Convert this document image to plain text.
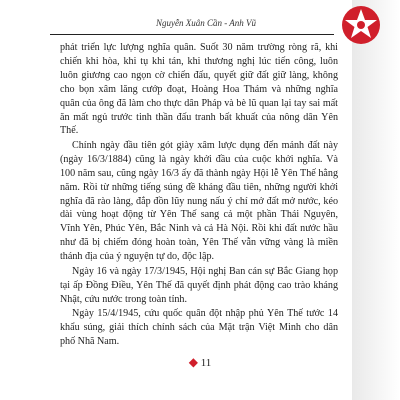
Nguyễn Xuân Cần - Anh Vũ

phát triển lực lượng nghĩa quân. Suốt 30 năm trường ròng rã, khi chiến khi hòa, khi tụ khi tán, khi thương nghị lúc tiến công, luôn luôn giương cao ngọn cờ chiến đấu, quyết giữ đất giữ làng, không cho bọn xâm lăng cướp đoạt, Hoàng Hoa Thám và những nghĩa quân của ông đã làm cho thực dân Pháp và bè lũ quan lại tay sai mất ăn mất ngủ trước tinh thần đấu tranh bất khuất của nông dân Yên Thế.

Chính ngày đầu tiên gót giày xâm lược dụng đến mảnh đất này (ngày 16/3/1884) cũng là ngày khởi đầu của cuộc khởi nghĩa. Và 100 năm sau, cũng ngày 16/3 ấy đã thành ngày Hội lễ Yên Thế hằng năm. Rồi từ những tiếng súng đề kháng đầu tiên, những người khởi nghĩa đã rào làng, đắp đồn lũy nung nấu ý chí mở đất mở nước, kéo dài vùng hoạt động từ Yên Thế sang cả một phần Thái Nguyên, Vĩnh Yên, Phúc Yên, Bắc Ninh và cả Hà Nội. Rồi khi đất nước hầu như đã bị chiếm đóng hoàn toàn, Yên Thế vẫn vững vàng là miền thánh địa của ý nguyện tự do, độc lập.

Ngày 16 và ngày 17/3/1945, Hội nghị Ban cán sự Bắc Giang họp tại ấp Đồng Điều, Yên Thế đã quyết định phát động cao trào kháng Nhật, cứu nước trong toàn tỉnh.

Ngày 15/4/1945, cứu quốc quân đột nhập phủ Yên Thế tước 14 khẩu súng, giải thích chính sách của Mặt trận Việt Minh cho dân phố Nhã Nam.

◆ 11
